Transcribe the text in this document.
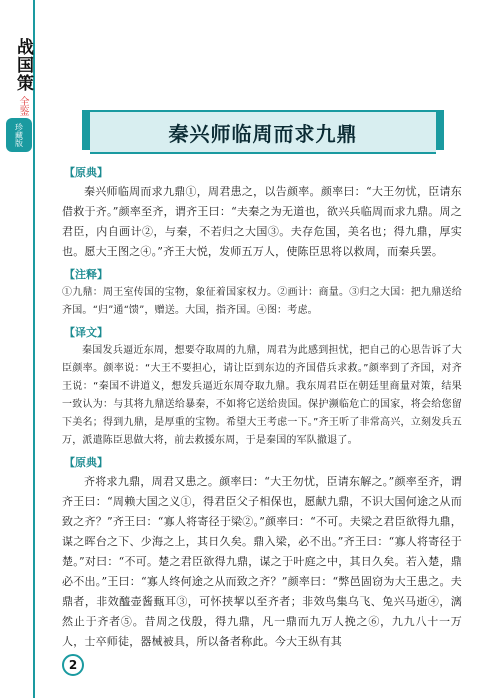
战国策
全鉴
珍藏版	秦兴师临周而求九鼎
【原典】

秦兴师临周而求九鼎①，周君患之，以告颜率。颜率曰：“大王勿忧，臣请东借救于齐。”颜率至齐，谓齐王曰：“夫秦之为无道也，欲兴兵临周而求九鼎。周之君臣，内自画计②，与秦，不若归之大国③。夫存危国，美名也；得九鼎，厚实也。愿大王图之④。”齐王大悦，发师五万人，使陈臣思将以救周，而秦兵罢。

【注释】

①九鼎：周王室传国的宝物，象征着国家权力。②画计：商量。③归之大国：把九鼎送给齐国。“归”通“馈”，赠送。大国，指齐国。④图：考虑。

【译文】

秦国发兵逼近东周，想要夺取周的九鼎，周君为此感到担忧，把自己的心思告诉了大臣颜率。颜率说：“大王不要担心，请让臣到东边的齐国借兵求救。”颜率到了齐国，对齐王说：“秦国不讲道义，想发兵逼近东周夺取九鼎。我东周君臣在朝廷里商量对策，结果一致认为：与其将九鼎送给暴秦，不如将它送给贵国。保护濒临危亡的国家，将会给您留下美名；得到九鼎，是厚重的宝物。希望大王考虑一下。”齐王听了非常高兴，立刻发兵五万，派遣陈臣思做大将，前去救援东周，于是秦国的军队撤退了。

【原典】

齐将求九鼎，周君又患之。颜率曰：“大王勿忧，臣请东解之。”颜率至齐，谓齐王曰：“周赖大国之义①，得君臣父子相保也，愿献九鼎，不识大国何途之从而致之齐？”齐王曰：“寡人将寄径于梁②。”颜率曰：“不可。夫梁之君臣欲得九鼎，谋之晖台之下、少海之上，其日久矣。鼎入梁，必不出。”齐王曰：“寡人将寄径于楚。”对曰：“不可。楚之君臣欲得九鼎，谋之于叶庭之中，其日久矣。若入楚，鼎必不出。”王曰：“寡人终何途之从而致之齐？”颜率曰：“弊邑固窃为大王患之。夫鼎者，非效醯壶酱甀耳③，可怀挟挈以至齐者；非效鸟集乌飞、兔兴马逝④，漓然止于齐者⑤。昔周之伐殷，得九鼎，凡一鼎而九万人挽之⑥，九九八十一万人，士卒师徒，器械被具，所以备者称此。今大王纵有其

2
